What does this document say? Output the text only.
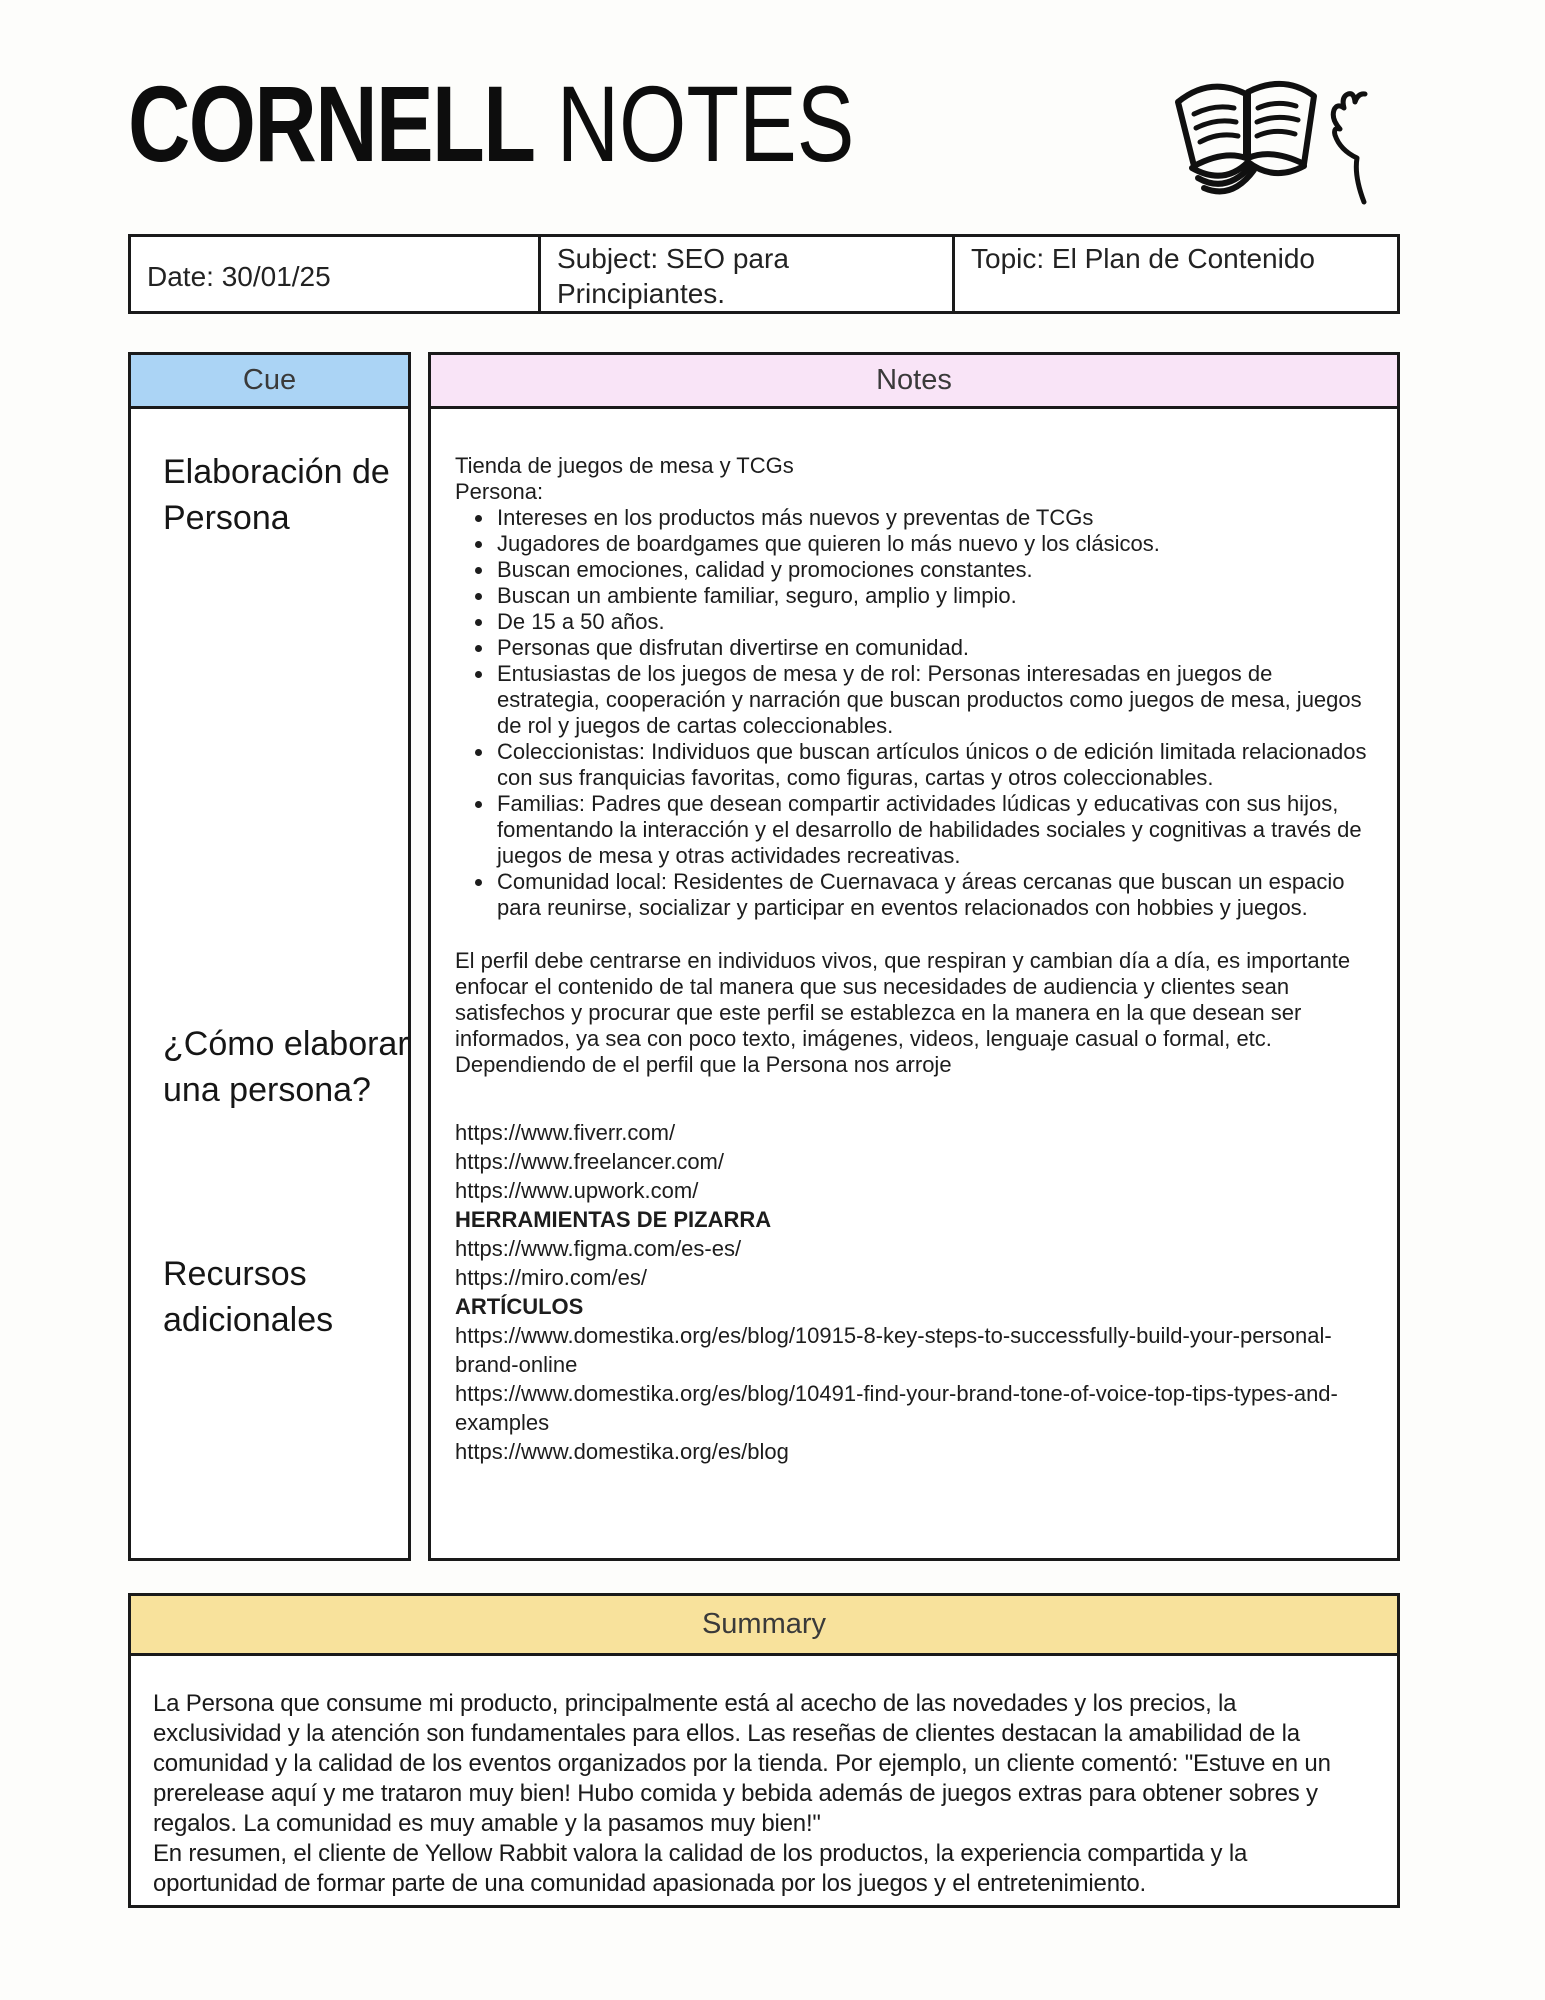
CORNELL NOTES
Date: 30/01/25
Subject: SEO para Principiantes.
Topic: El Plan de Contenido
Cue
Elaboración de Persona
¿Cómo elaborar una persona?
Recursos adicionales
Notes
Tienda de juegos de mesa y TCGs
Persona:
• Intereses en los productos más nuevos y preventas de TCGs
• Jugadores de boardgames que quieren lo más nuevo y los clásicos.
• Buscan emociones, calidad y promociones constantes.
• Buscan un ambiente familiar, seguro, amplio y limpio.
• De 15 a 50 años.
• Personas que disfrutan divertirse en comunidad.
• Entusiastas de los juegos de mesa y de rol: Personas interesadas en juegos de estrategia, cooperación y narración que buscan productos como juegos de mesa, juegos de rol y juegos de cartas coleccionables.
• Coleccionistas: Individuos que buscan artículos únicos o de edición limitada relacionados con sus franquicias favoritas, como figuras, cartas y otros coleccionables.
• Familias: Padres que desean compartir actividades lúdicas y educativas con sus hijos, fomentando la interacción y el desarrollo de habilidades sociales y cognitivas a través de juegos de mesa y otras actividades recreativas.
• Comunidad local: Residentes de Cuernavaca y áreas cercanas que buscan un espacio para reunirse, socializar y participar en eventos relacionados con hobbies y juegos.
El perfil debe centrarse en individuos vivos, que respiran y cambian día a día, es importante enfocar el contenido de tal manera que sus necesidades de audiencia y clientes sean satisfechos y procurar que este perfil se establezca en la manera en la que desean ser informados, ya sea con poco texto, imágenes, videos, lenguaje casual o formal, etc. Dependiendo de el perfil que la Persona nos arroje
https://www.fiverr.com/
https://www.freelancer.com/
https://www.upwork.com/
HERRAMIENTAS DE PIZARRA
https://www.figma.com/es-es/
https://miro.com/es/
ARTÍCULOS
https://www.domestika.org/es/blog/10915-8-key-steps-to-successfully-build-your-personal-brand-online
https://www.domestika.org/es/blog/10491-find-your-brand-tone-of-voice-top-tips-types-and-examples
https://www.domestika.org/es/blog
Summary

La Persona que consume mi producto, principalmente está al acecho de las novedades y los precios, la exclusividad y la atención son fundamentales para ellos. Las reseñas de clientes destacan la amabilidad de la comunidad y la calidad de los eventos organizados por la tienda. Por ejemplo, un cliente comentó: "Estuve en un prerelease aquí y me trataron muy bien! Hubo comida y bebida además de juegos extras para obtener sobres y regalos. La comunidad es muy amable y la pasamos muy bien!"

En resumen, el cliente de Yellow Rabbit valora la calidad de los productos, la experiencia compartida y la oportunidad de formar parte de una comunidad apasionada por los juegos y el entretenimiento.
